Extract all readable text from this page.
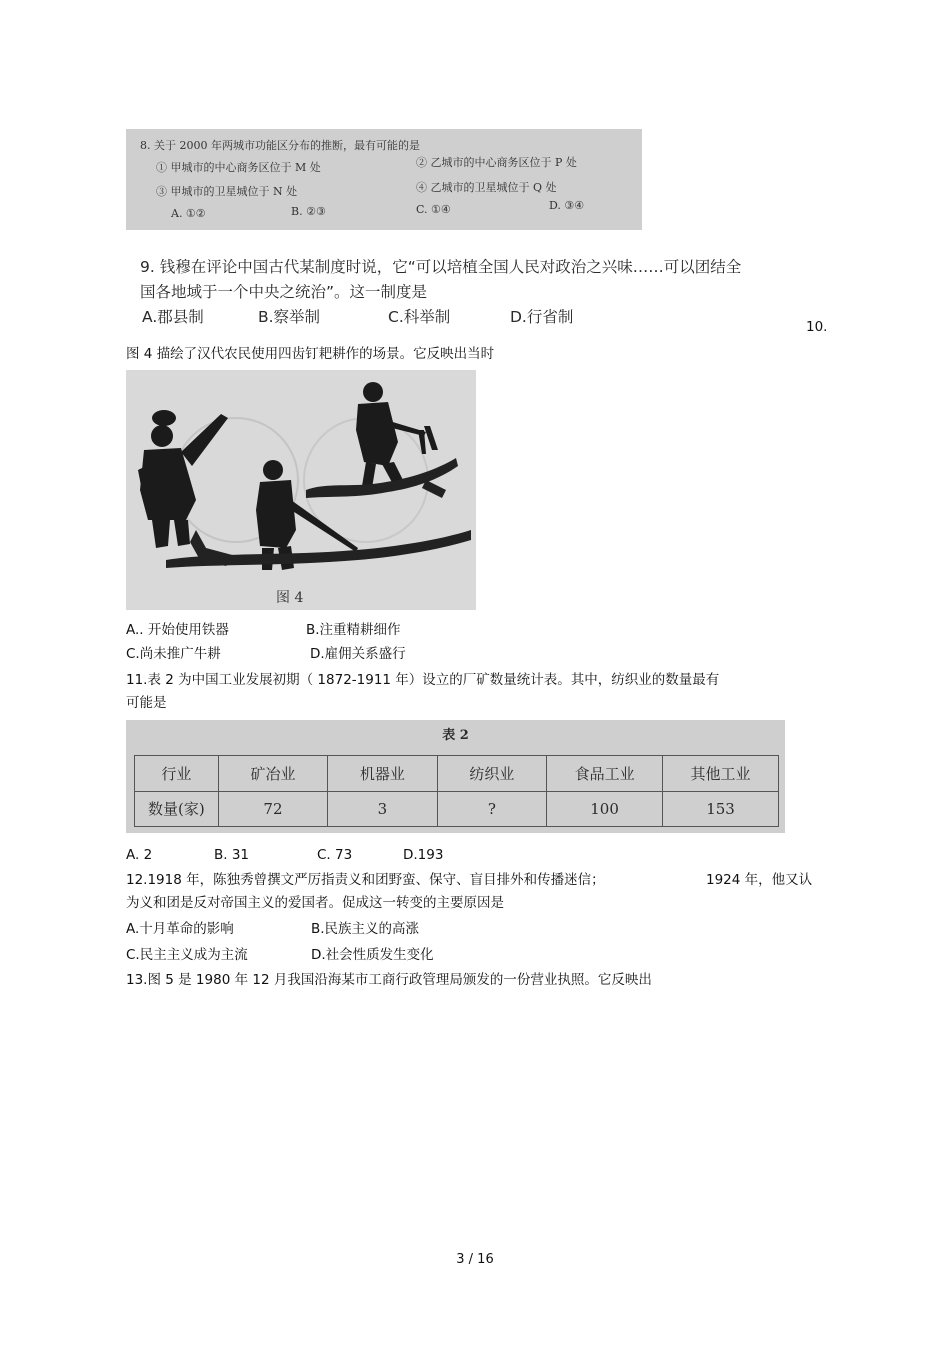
8. 关于 2000 年两城市功能区分布的推断，最有可能的是
① 甲城市的中心商务区位于 M 处	② 乙城市的中心商务区位于 P 处
③ 甲城市的卫星城位于 N 处	④ 乙城市的卫星城位于 Q 处
A. ①②	B. ②③	C. ①④	D. ③④
9. 钱穆在评论中国古代某制度时说，它“可以培植全国人民对政治之兴味……可以团结全
国各地域于一个中央之统治”。这一制度是
A.郡县制	B.察举制	C.科举制	D.行省制
10.
图 4 描绘了汉代农民使用四齿钉耙耕作的场景。它反映出当时
图 4
A.. 开始使用铁器	B.注重精耕细作
C.尚未推广牛耕	D.雇佣关系盛行
11.表 2 为中国工业发展初期（ 1872-1911 年）设立的厂矿数量统计表。其中，纺织业的数量最有
可能是
表 2
行业	矿冶业	机器业	纺织业	食品工业	其他工业
数量(家)	72	3	?	100	153
A. 2	B. 31	C. 73	D.193
12.1918 年，陈独秀曾撰文严厉指责义和团野蛮、保守、盲目排外和传播迷信；	1924 年，他又认
为义和团是反对帝国主义的爱国者。促成这一转变的主要原因是
A.十月革命的影响	B.民族主义的高涨
C.民主主义成为主流	D.社会性质发生变化
13.图 5 是 1980 年 12 月我国沿海某市工商行政管理局颁发的一份营业执照。它反映出
3 / 16
